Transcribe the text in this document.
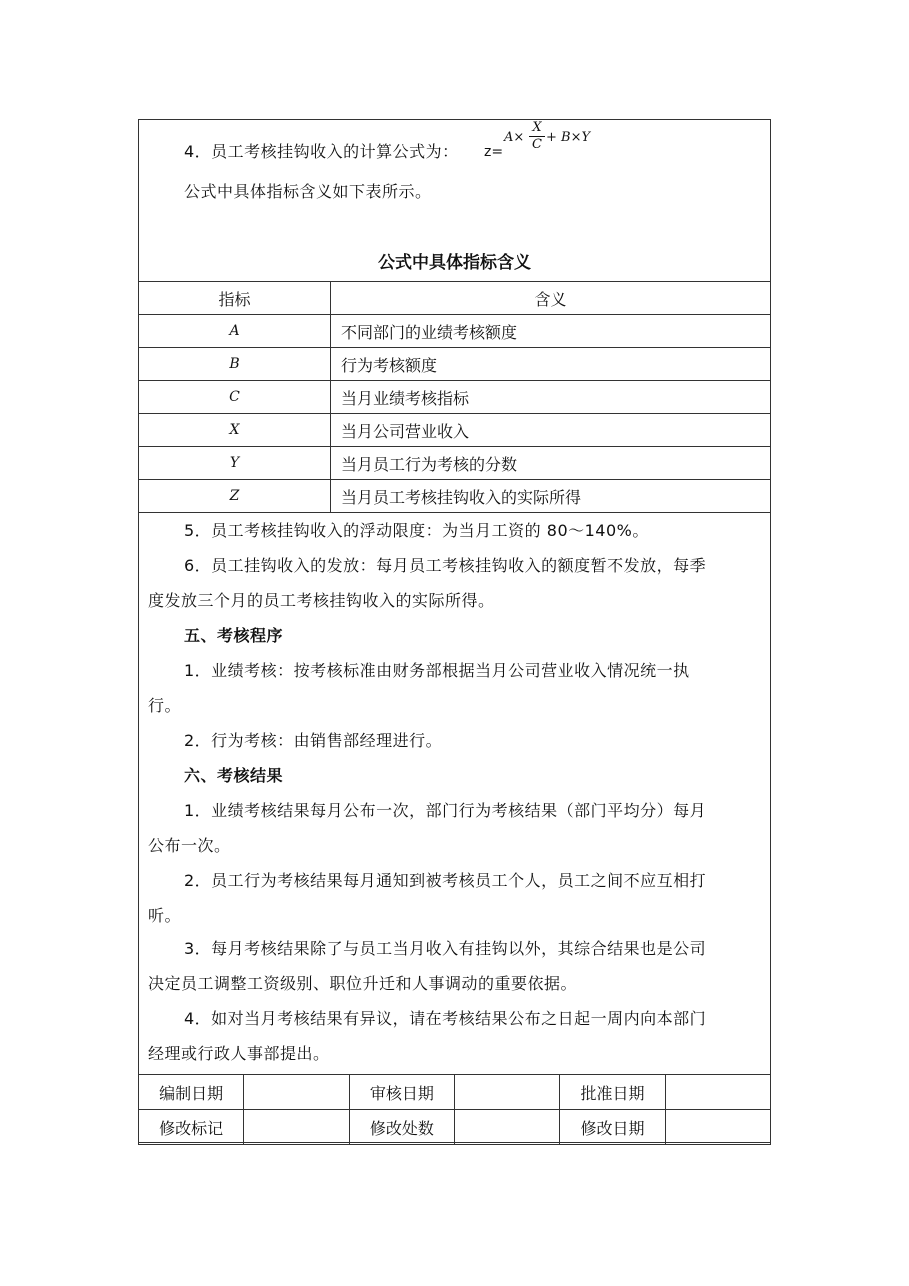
4．员工考核挂钩收入的计算公式为： z=
$A\times \frac{X}{C} + B\times Y$
公式中具体指标含义如下表所示。
公式中具体指标含义
指标	含义
A	不同部门的业绩考核额度
B	行为考核额度
C	当月业绩考核指标
X	当月公司营业收入
Y	当月员工行为考核的分数
Z	当月员工考核挂钩收入的实际所得
5．员工考核挂钩收入的浮动限度：为当月工资的 80～140%。
6．员工挂钩收入的发放：每月员工考核挂钩收入的额度暂不发放，每季
度发放三个月的员工考核挂钩收入的实际所得。
五、考核程序
1．业绩考核：按考核标准由财务部根据当月公司营业收入情况统一执
行。
2．行为考核：由销售部经理进行。
六、考核结果
1．业绩考核结果每月公布一次，部门行为考核结果（部门平均分）每月
公布一次。
2．员工行为考核结果每月通知到被考核员工个人，员工之间不应互相打
听。
3．每月考核结果除了与员工当月收入有挂钩以外，其综合结果也是公司
决定员工调整工资级别、职位升迁和人事调动的重要依据。
4．如对当月考核结果有异议，请在考核结果公布之日起一周内向本部门
经理或行政人事部提出。
编制日期		审核日期		批准日期	
修改标记		修改处数		修改日期	
